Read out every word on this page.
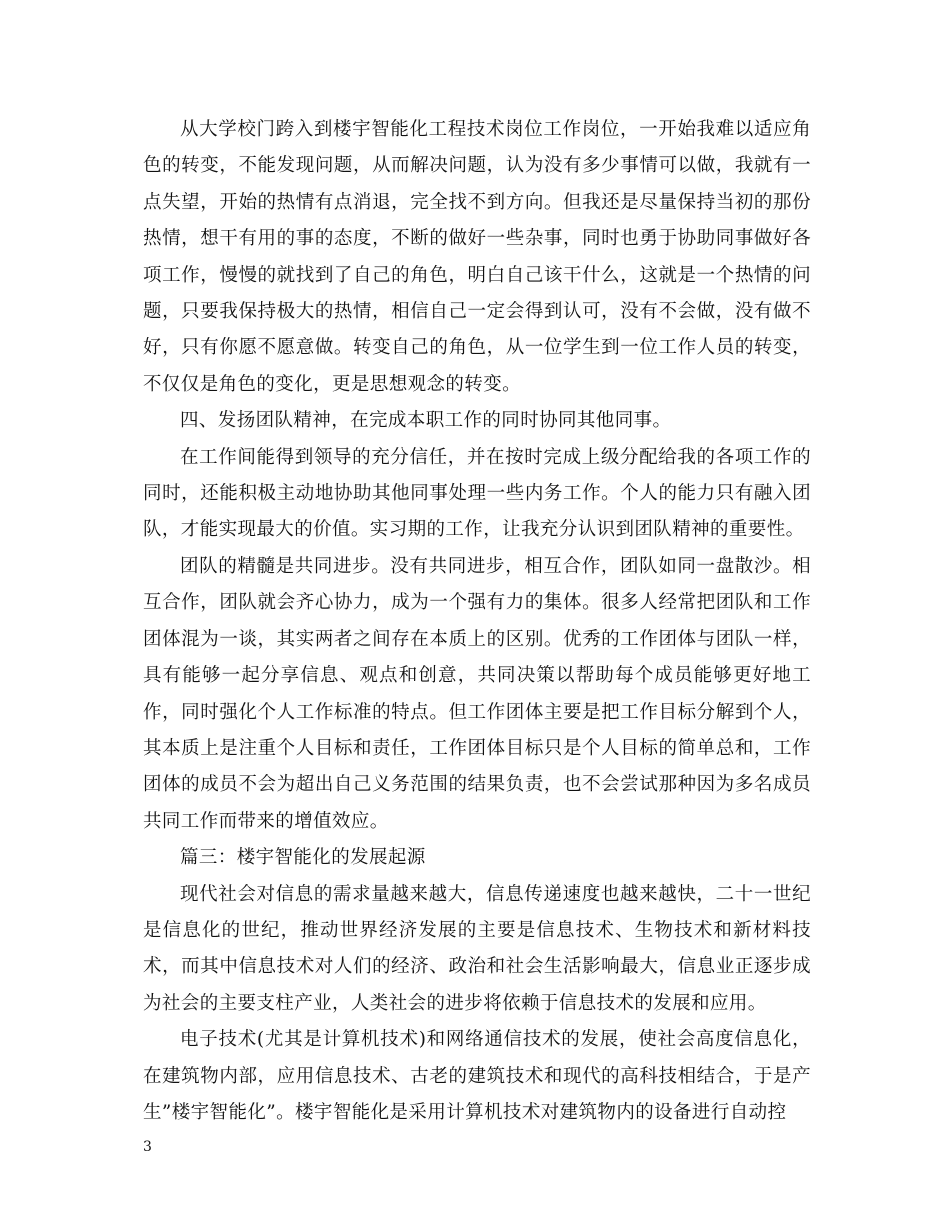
从大学校门跨入到楼宇智能化工程技术岗位工作岗位，一开始我难以适应角色的转变，不能发现问题，从而解决问题，认为没有多少事情可以做，我就有一点失望，开始的热情有点消退，完全找不到方向。但我还是尽量保持当初的那份热情，想干有用的事的态度，不断的做好一些杂事，同时也勇于协助同事做好各项工作，慢慢的就找到了自己的角色，明白自己该干什么，这就是一个热情的问题，只要我保持极大的热情，相信自己一定会得到认可，没有不会做，没有做不好，只有你愿不愿意做。转变自己的角色，从一位学生到一位工作人员的转变，不仅仅是角色的变化，更是思想观念的转变。

四、发扬团队精神，在完成本职工作的同时协同其他同事。

在工作间能得到领导的充分信任，并在按时完成上级分配给我的各项工作的同时，还能积极主动地协助其他同事处理一些内务工作。个人的能力只有融入团队，才能实现最大的价值。实习期的工作，让我充分认识到团队精神的重要性。

团队的精髓是共同进步。没有共同进步，相互合作，团队如同一盘散沙。相互合作，团队就会齐心协力，成为一个强有力的集体。很多人经常把团队和工作团体混为一谈，其实两者之间存在本质上的区别。优秀的工作团体与团队一样，具有能够一起分享信息、观点和创意，共同决策以帮助每个成员能够更好地工作，同时强化个人工作标准的特点。但工作团体主要是把工作目标分解到个人，其本质上是注重个人目标和责任，工作团体目标只是个人目标的简单总和，工作团体的成员不会为超出自己义务范围的结果负责，也不会尝试那种因为多名成员共同工作而带来的增值效应。

篇三：楼宇智能化的发展起源

现代社会对信息的需求量越来越大，信息传递速度也越来越快，二十一世纪是信息化的世纪，推动世界经济发展的主要是信息技术、生物技术和新材料技术，而其中信息技术对人们的经济、政治和社会生活影响最大，信息业正逐步成为社会的主要支柱产业，人类社会的进步将依赖于信息技术的发展和应用。

电子技术(尤其是计算机技术)和网络通信技术的发展，使社会高度信息化，在建筑物内部，应用信息技术、古老的建筑技术和现代的高科技相结合，于是产生”楼宇智能化”。楼宇智能化是采用计算机技术对建筑物内的设备进行自动控

3
